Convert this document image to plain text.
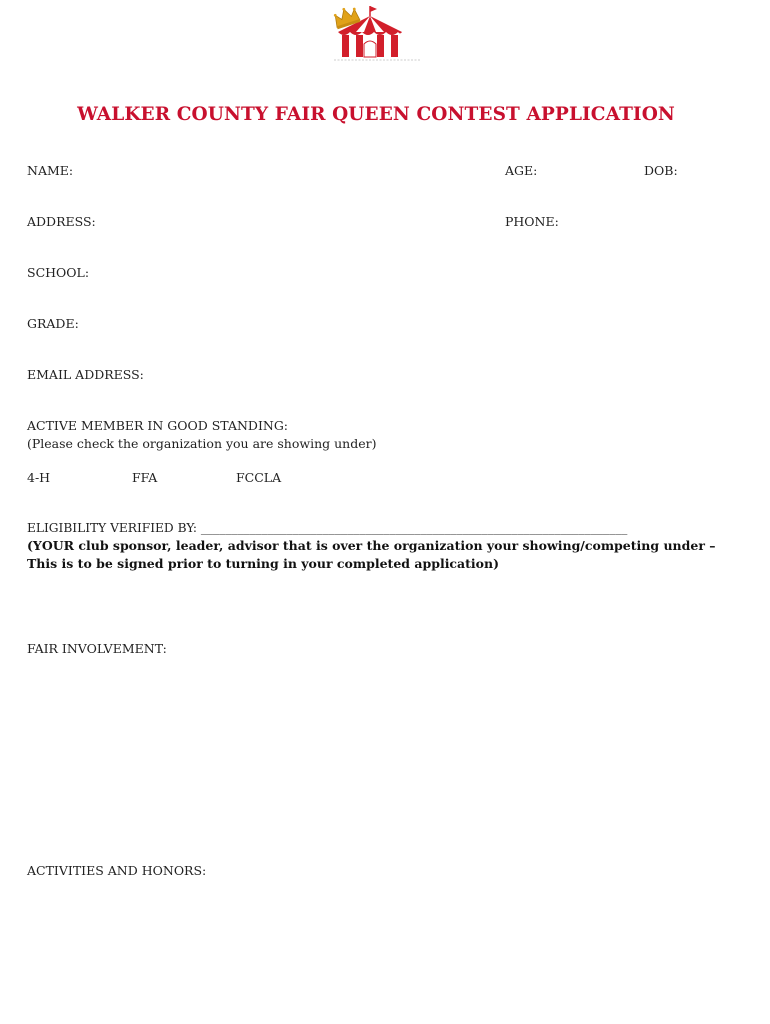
WALKER COUNTY FAIR QUEEN CONTEST APPLICATION
NAME:	AGE:	DOB:
ADDRESS:	PHONE:
SCHOOL:
GRADE:
EMAIL ADDRESS:
ACTIVE MEMBER IN GOOD STANDING:
(Please check the organization you are showing under)
4-H	FFA	FCCLA
ELIGIBILITY VERIFIED BY: ______________________________________________________________________
(YOUR club sponsor, leader, advisor that is over the organization your showing/competing under – This is to be signed prior to turning in your completed application)
FAIR INVOLVEMENT:
ACTIVITIES AND HONORS:
